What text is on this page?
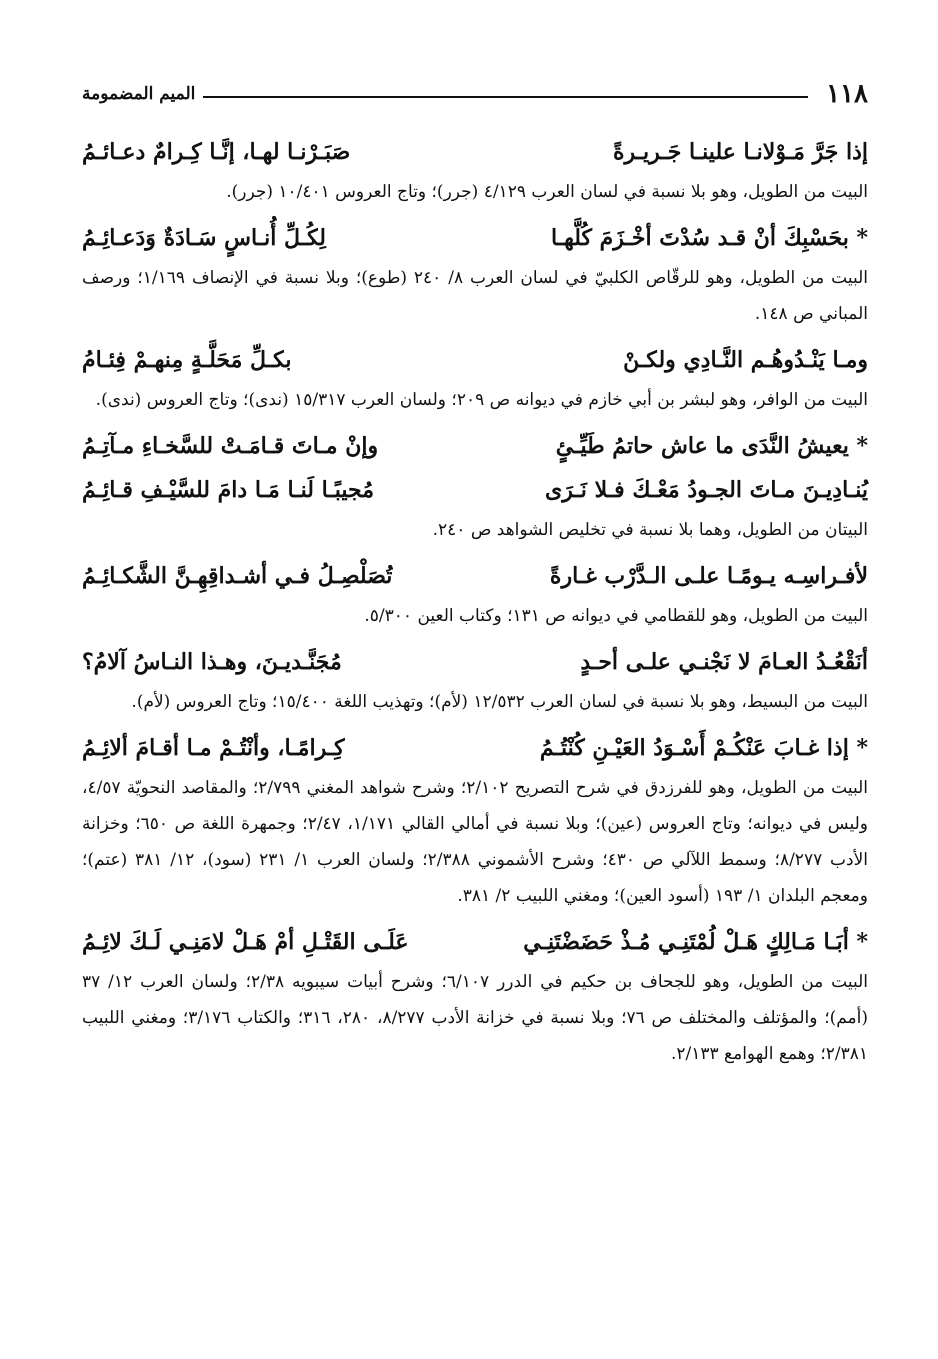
١١٨
الميم المضمومة
إذا جَرَّ مَـوْلانـا علينـا جَـريـرةً
صَبَـرْنـا لهـا، إنَّـا كِـرامٌ دعـائـمُ

البيت من الطويل، وهو بلا نسبة في لسان العرب ٤/١٢٩ (جرر)؛ وتاج العروس ١٠/٤٠١ (جرر).

* بحَسْبِكَ أنْ قـد سُدْتَ أخْـزَمَ كُلَّهـا
لِكُـلِّ أُنـاسٍ سَـادَةٌ وَدَعـائِـمُ

البيت من الطويل، وهو للرقّاص الكلبيّ في لسان العرب ٨/ ٢٤٠ (طوع)؛ وبلا نسبة في الإنصاف ١/١٦٩؛ ورصف المباني ص ١٤٨.

ومـا يَنْـدُوهُـم النَّـادِي ولكـنْ
بكـلِّ مَحَلَّـةٍ مِنهـمْ فِئـامُ

البيت من الوافر، وهو لبشر بن أبي خازم في ديوانه ص ٢٠٩؛ ولسان العرب ١٥/٣١٧ (ندى)؛ وتاج العروس (ندى).

* يعيشُ النَّدَى ما عاش حاتمُ طَيِّـئٍ
وإنْ مـاتَ قـامَـتْ للسَّخـاءِ مـآتِـمُ
يُنـادِيـنَ مـاتَ الجـودُ مَعْـكَ فـلا نَـرَى
مُجيبًـا لَنـا مَـا دامَ للسَّيْـفِ قـائِـمُ

البيتان من الطويل، وهما بلا نسبة في تخليص الشواهد ص ٢٤٠.

لأفـراسِـه يـومًـا علـى الـدَّرْب غـارةً
تُصَلْصِـلُ فـي أشـداقِهِـنَّ الشَّكـائِـمُ

البيت من الطويل، وهو للقطامي في ديوانه ص ١٣١؛ وكتاب العين ٥/٣٠٠.

أنَقْعُـدُ العـامَ لا نَجْنـي علـى أحـدٍ
مُجَنَّـديـنَ، وهـذا النـاسُ آلامُ؟

البيت من البسيط، وهو بلا نسبة في لسان العرب ١٢/٥٣٢ (لأم)؛ وتهذيب اللغة ١٥/٤٠٠؛ وتاج العروس (لأم).

* إذا غـابَ عَنْكُـمْ أَسْـوَدُ العَيْـنِ كُنْتُـمُ
كِـرامًـا، وأنْتُـمْ مـا أقـامَ ألائِـمُ

البيت من الطويل، وهو للفرزدق في شرح التصريح ٢/١٠٢؛ وشرح شواهد المغني ٢/٧٩٩؛ والمقاصد النحويّة ٤/٥٧، وليس في ديوانه؛ وتاج العروس (عين)؛ وبلا نسبة في أمالي القالي ١/١٧١، ٢/٤٧؛ وجمهرة اللغة ص ٦٥٠؛ وخزانة الأدب ٨/٢٧٧؛ وسمط اللآلي ص ٤٣٠؛ وشرح الأشموني ٢/٣٨٨؛ ولسان العرب ١/ ٢٣١ (سود)، ١٢/ ٣٨١ (عتم)؛ ومعجم البلدان ١/ ١٩٣ (أسود العين)؛ ومغني اللبيب ٢/ ٣٨١.

* أبَـا مَـالِكٍ هَـلْ لُمْتَنِـي مُـذْ حَضَضْتَنِـي
عَلَـى القَتْـلِ أمْ هَـلْ لامَنِـي لَـكَ لائِـمُ

البيت من الطويل، وهو للجحاف بن حكيم في الدرر ٦/١٠٧؛ وشرح أبيات سيبويه ٢/٣٨؛ ولسان العرب ١٢/ ٣٧ (أمم)؛ والمؤتلف والمختلف ص ٧٦؛ وبلا نسبة في خزانة الأدب ٨/٢٧٧، ٢٨٠، ٣١٦؛ والكتاب ٣/١٧٦؛ ومغني اللبيب ٢/٣٨١؛ وهمع الهوامع ٢/١٣٣.
